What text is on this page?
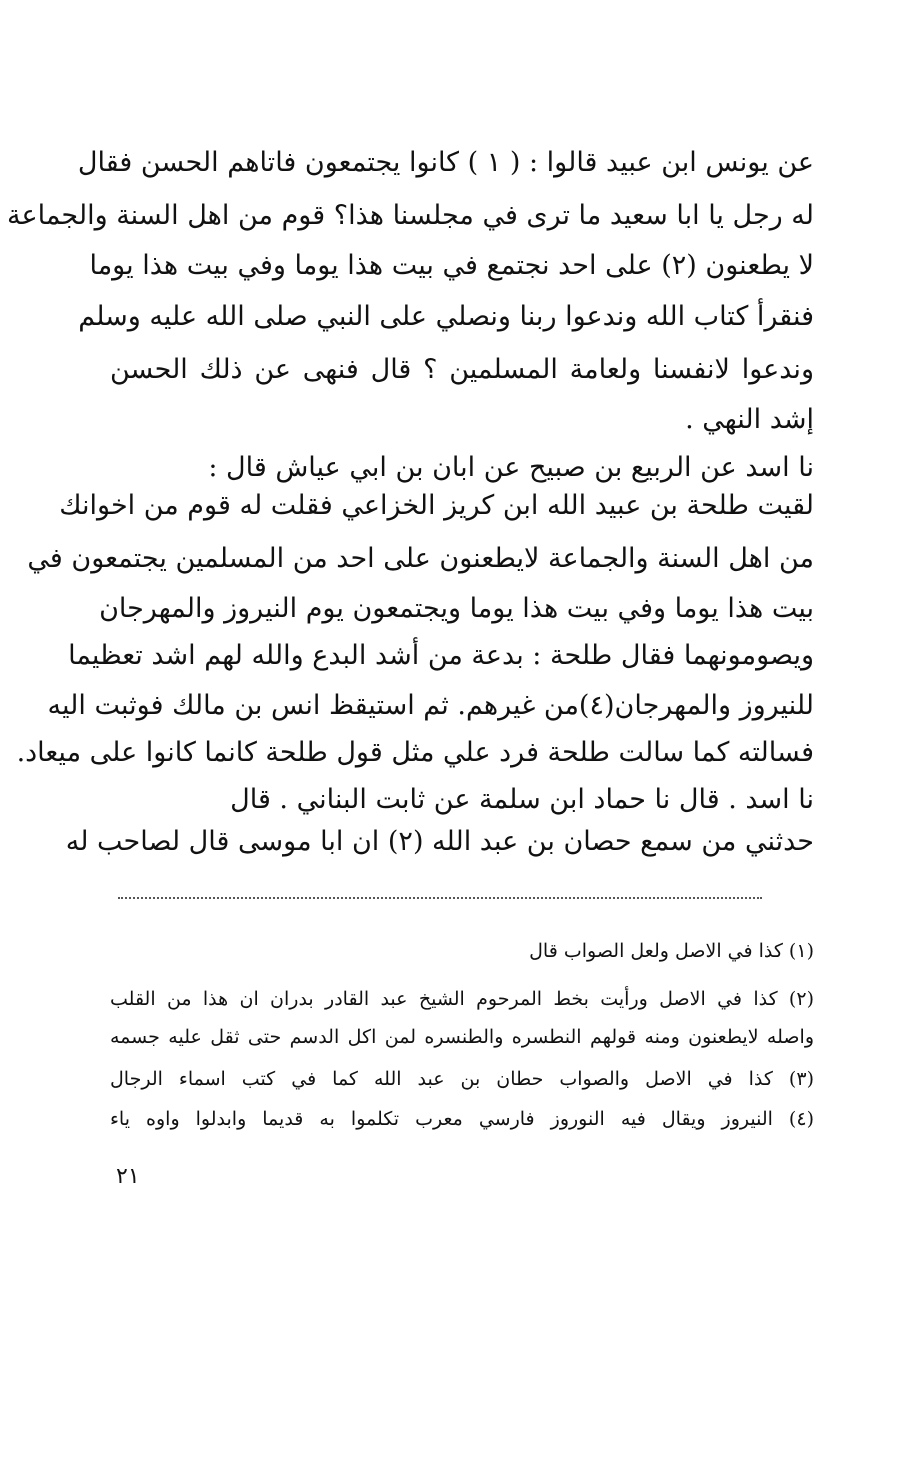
عن يونس ابن عبيد قالوا : ( ١ ) كانوا يجتمعون فاتاهم الحسن فقال
له رجل يا ابا سعيد ما ترى في مجلسنا هذا؟ قوم من اهل السنة والجماعة
لا يطعنون (٢) على احد نجتمع في بيت هذا يوما وفي بيت هذا يوما
فنقرأ كتاب الله وندعوا ربنا ونصلي على النبي صلى الله عليه وسلم
وندعوا لانفسنا ولعامة المسلمين ؟ قال فنهى عن ذلك الحسن
إشد النهي .
نا اسد عن الربيع بن صبيح عن ابان بن ابي عياش قال :
لقيت طلحة بن عبيد الله ابن كريز الخزاعي فقلت له قوم من اخوانك
من اهل السنة والجماعة لايطعنون على احد من المسلمين يجتمعون في
بيت هذا يوما وفي بيت هذا يوما ويجتمعون يوم النيروز والمهرجان
ويصومونهما فقال طلحة : بدعة من أشد البدع والله لهم اشد تعظيما
للنيروز والمهرجان(٤)من غيرهم. ثم استيقظ انس بن مالك فوثبت اليه
فسالته كما سالت طلحة فرد علي مثل قول طلحة كانما كانوا على ميعاد.
نا اسد . قال نا حماد ابن سلمة عن ثابت البناني . قال
حدثني من سمع حصان بن عبد الله (٢) ان ابا موسى قال لصاحب له
(١) كذا في الاصل ولعل الصواب قال
(٢) كذا في الاصل ورأيت بخط المرحوم الشيخ عبد القادر بدران ان هذا من القلب
واصله لايطعنون ومنه قولهم النطسره والطنسره لمن اكل الدسم حتى ثقل عليه جسمه
(٣) كذا في الاصل والصواب حطان بن عبد الله كما في كتب اسماء الرجال
(٤) النيروز ويقال فيه النوروز فارسي معرب تكلموا به قديما وابدلوا واوه ياء
٢١
